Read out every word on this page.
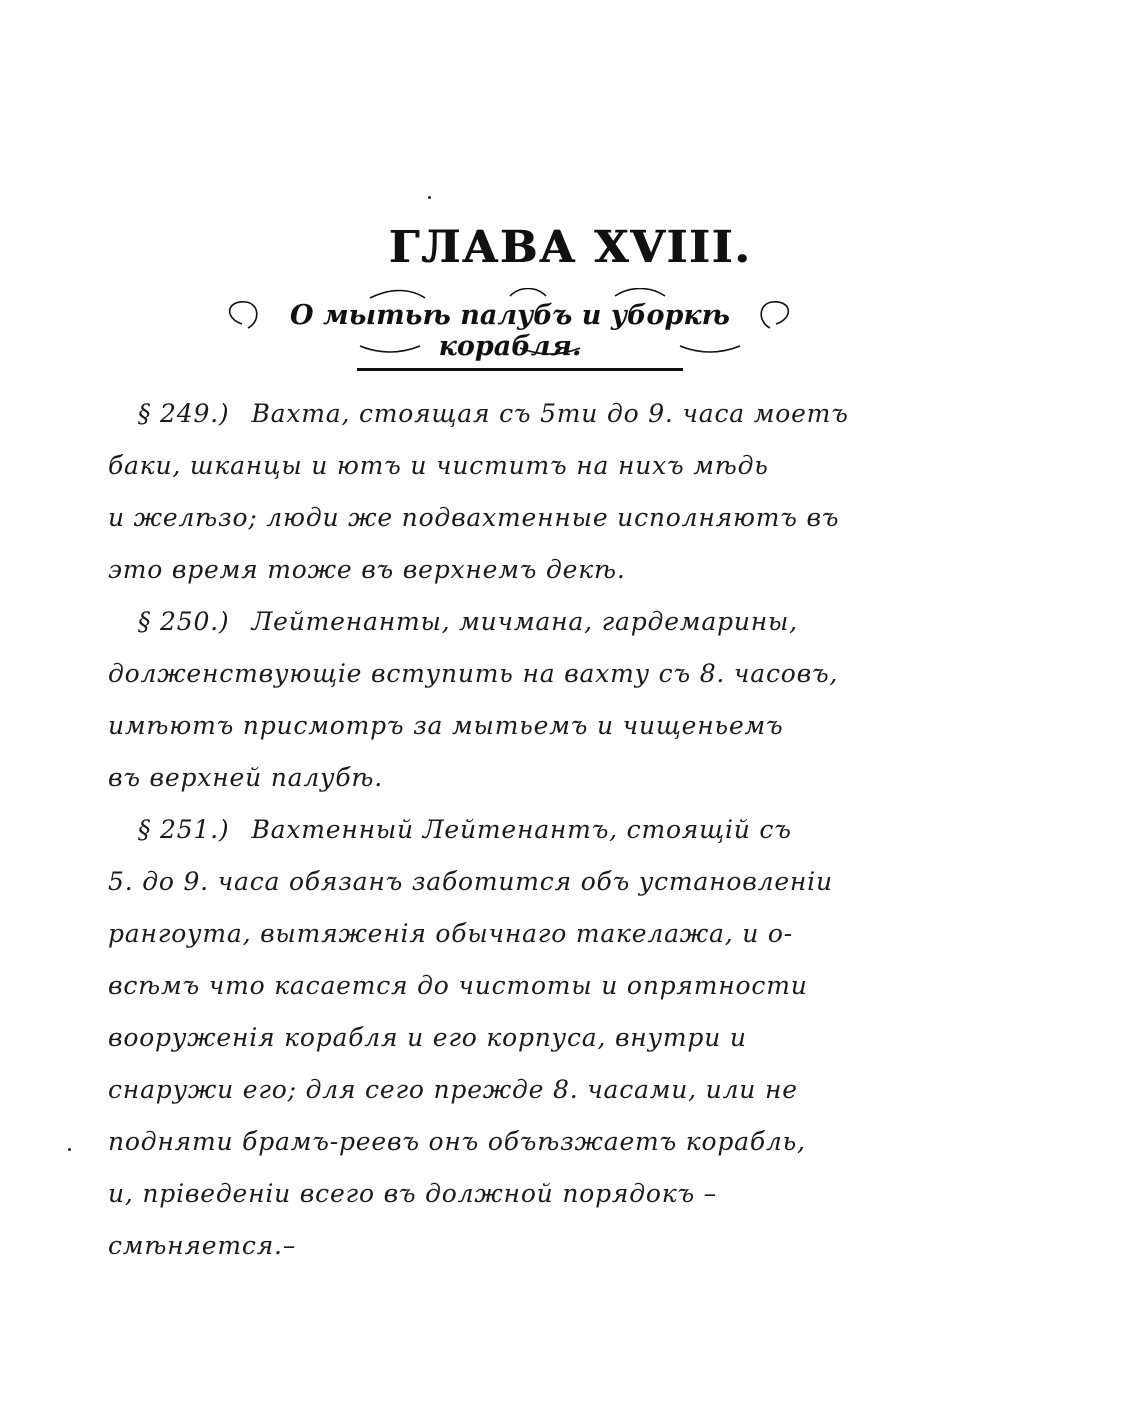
ГЛАВА XVIII.
О мытьѣ палубъ и уборкѣ корабля.
§ 249.) Вахта, стоящая съ 5ти до 9. часа моетъ
баки, шканцы и ютъ и чиститъ на нихъ мѣдь
и желѣзо; люди же подвахтенные исполняютъ въ
это время тоже въ верхнемъ декѣ.
§ 250.) Лейтенанты, мичмана, гардемарины,
долженствующіе вступить на вахту съ 8. часовъ,
имѣютъ присмотръ за мытьемъ и чищеньемъ
въ верхней палубѣ.
§ 251.) Вахтенный Лейтенантъ, стоящій съ
5. до 9. часа обязанъ заботится объ установленіи
рангоута, вытяженія обычнаго такелажа, и о-
всѣмъ что касается до чистоты и опрятности
вооруженія корабля и его корпуса, внутри и
снаружи его; для сего прежде 8. часами, или не
подняти брамъ-реевъ онъ объѣзжаетъ корабль,
и, пріведеніи всего въ должной порядокъ –
смѣняется.–
